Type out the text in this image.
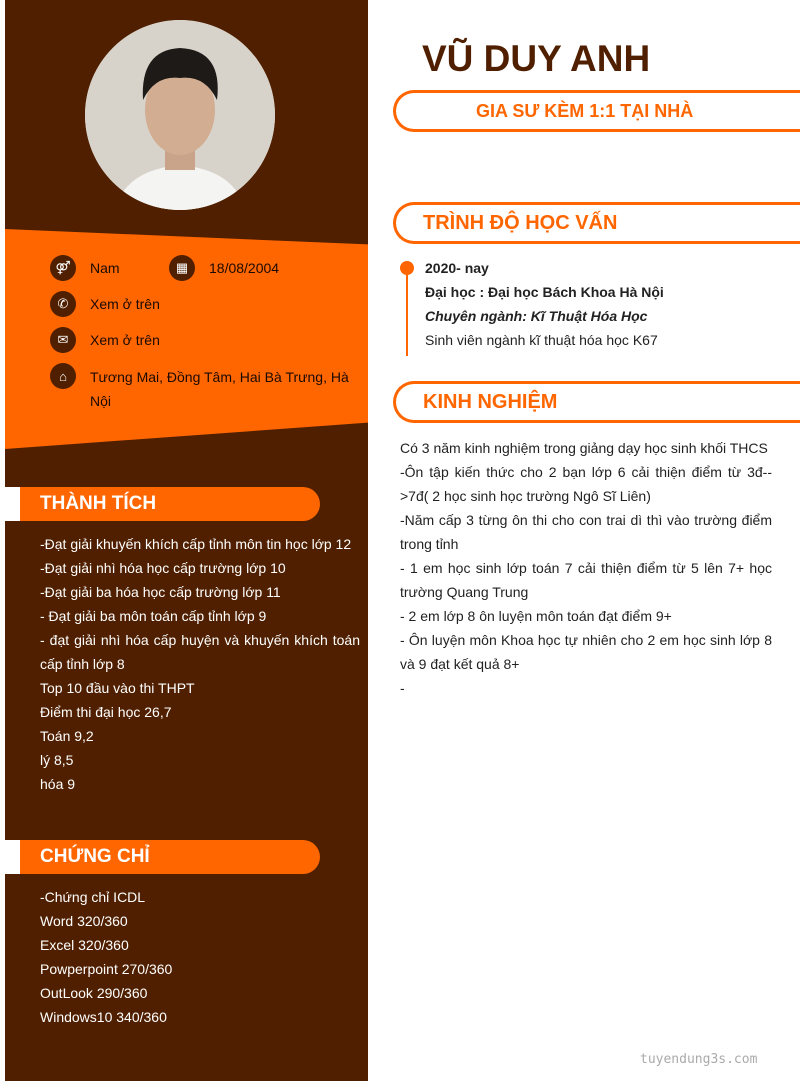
⚤	Nam	▦	18/08/2004
✆	Xem ở trên
✉	Xem ở trên
⌂	Tương Mai, Đồng Tâm, Hai Bà Trưng, Hà Nội
THÀNH TÍCH
-Đạt giải khuyến khích cấp tỉnh môn tin học lớp 12
-Đạt giải nhì hóa học cấp trường lớp 10
-Đạt giải ba hóa học cấp trường lớp 11
- Đạt giải ba môn toán cấp tỉnh lớp 9
- đạt giải nhì hóa cấp huyện và khuyến khích toán cấp tỉnh lớp 8
Top 10 đầu vào thi THPT
Điểm thi đại học 26,7
Toán 9,2
lý 8,5
hóa 9
CHỨNG CHỈ
-Chứng chỉ ICDL
Word 320/360
Excel 320/360
Powperpoint 270/360
OutLook 290/360
Windows10 340/360
VŨ DUY ANH
GIA SƯ KÈM 1:1 TẠI NHÀ
TRÌNH ĐỘ HỌC VẤN
2020- nay
Đại học : Đại học Bách Khoa Hà Nội
Chuyên ngành: Kĩ Thuật Hóa Học
Sinh viên ngành kĩ thuật hóa học K67
KINH NGHIỆM
Có 3 năm kinh nghiệm trong giảng dạy học sinh khối THCS
-Ôn tập kiến thức cho 2 bạn lớp 6 cải thiện điểm từ 3đ-->7đ( 2 học sinh học trường Ngô Sĩ Liên)
-Năm cấp 3 từng ôn thi cho con trai dì thì vào trường điểm trong tỉnh
- 1 em học sinh lớp toán 7 cải thiện điểm từ 5 lên 7+ học trường Quang Trung
- 2 em lớp 8 ôn luyện môn toán đạt điểm 9+
- Ôn luyện môn Khoa học tự nhiên cho 2 em học sinh lớp 8 và 9 đạt kết quả 8+
-
tuyendung3s.com
